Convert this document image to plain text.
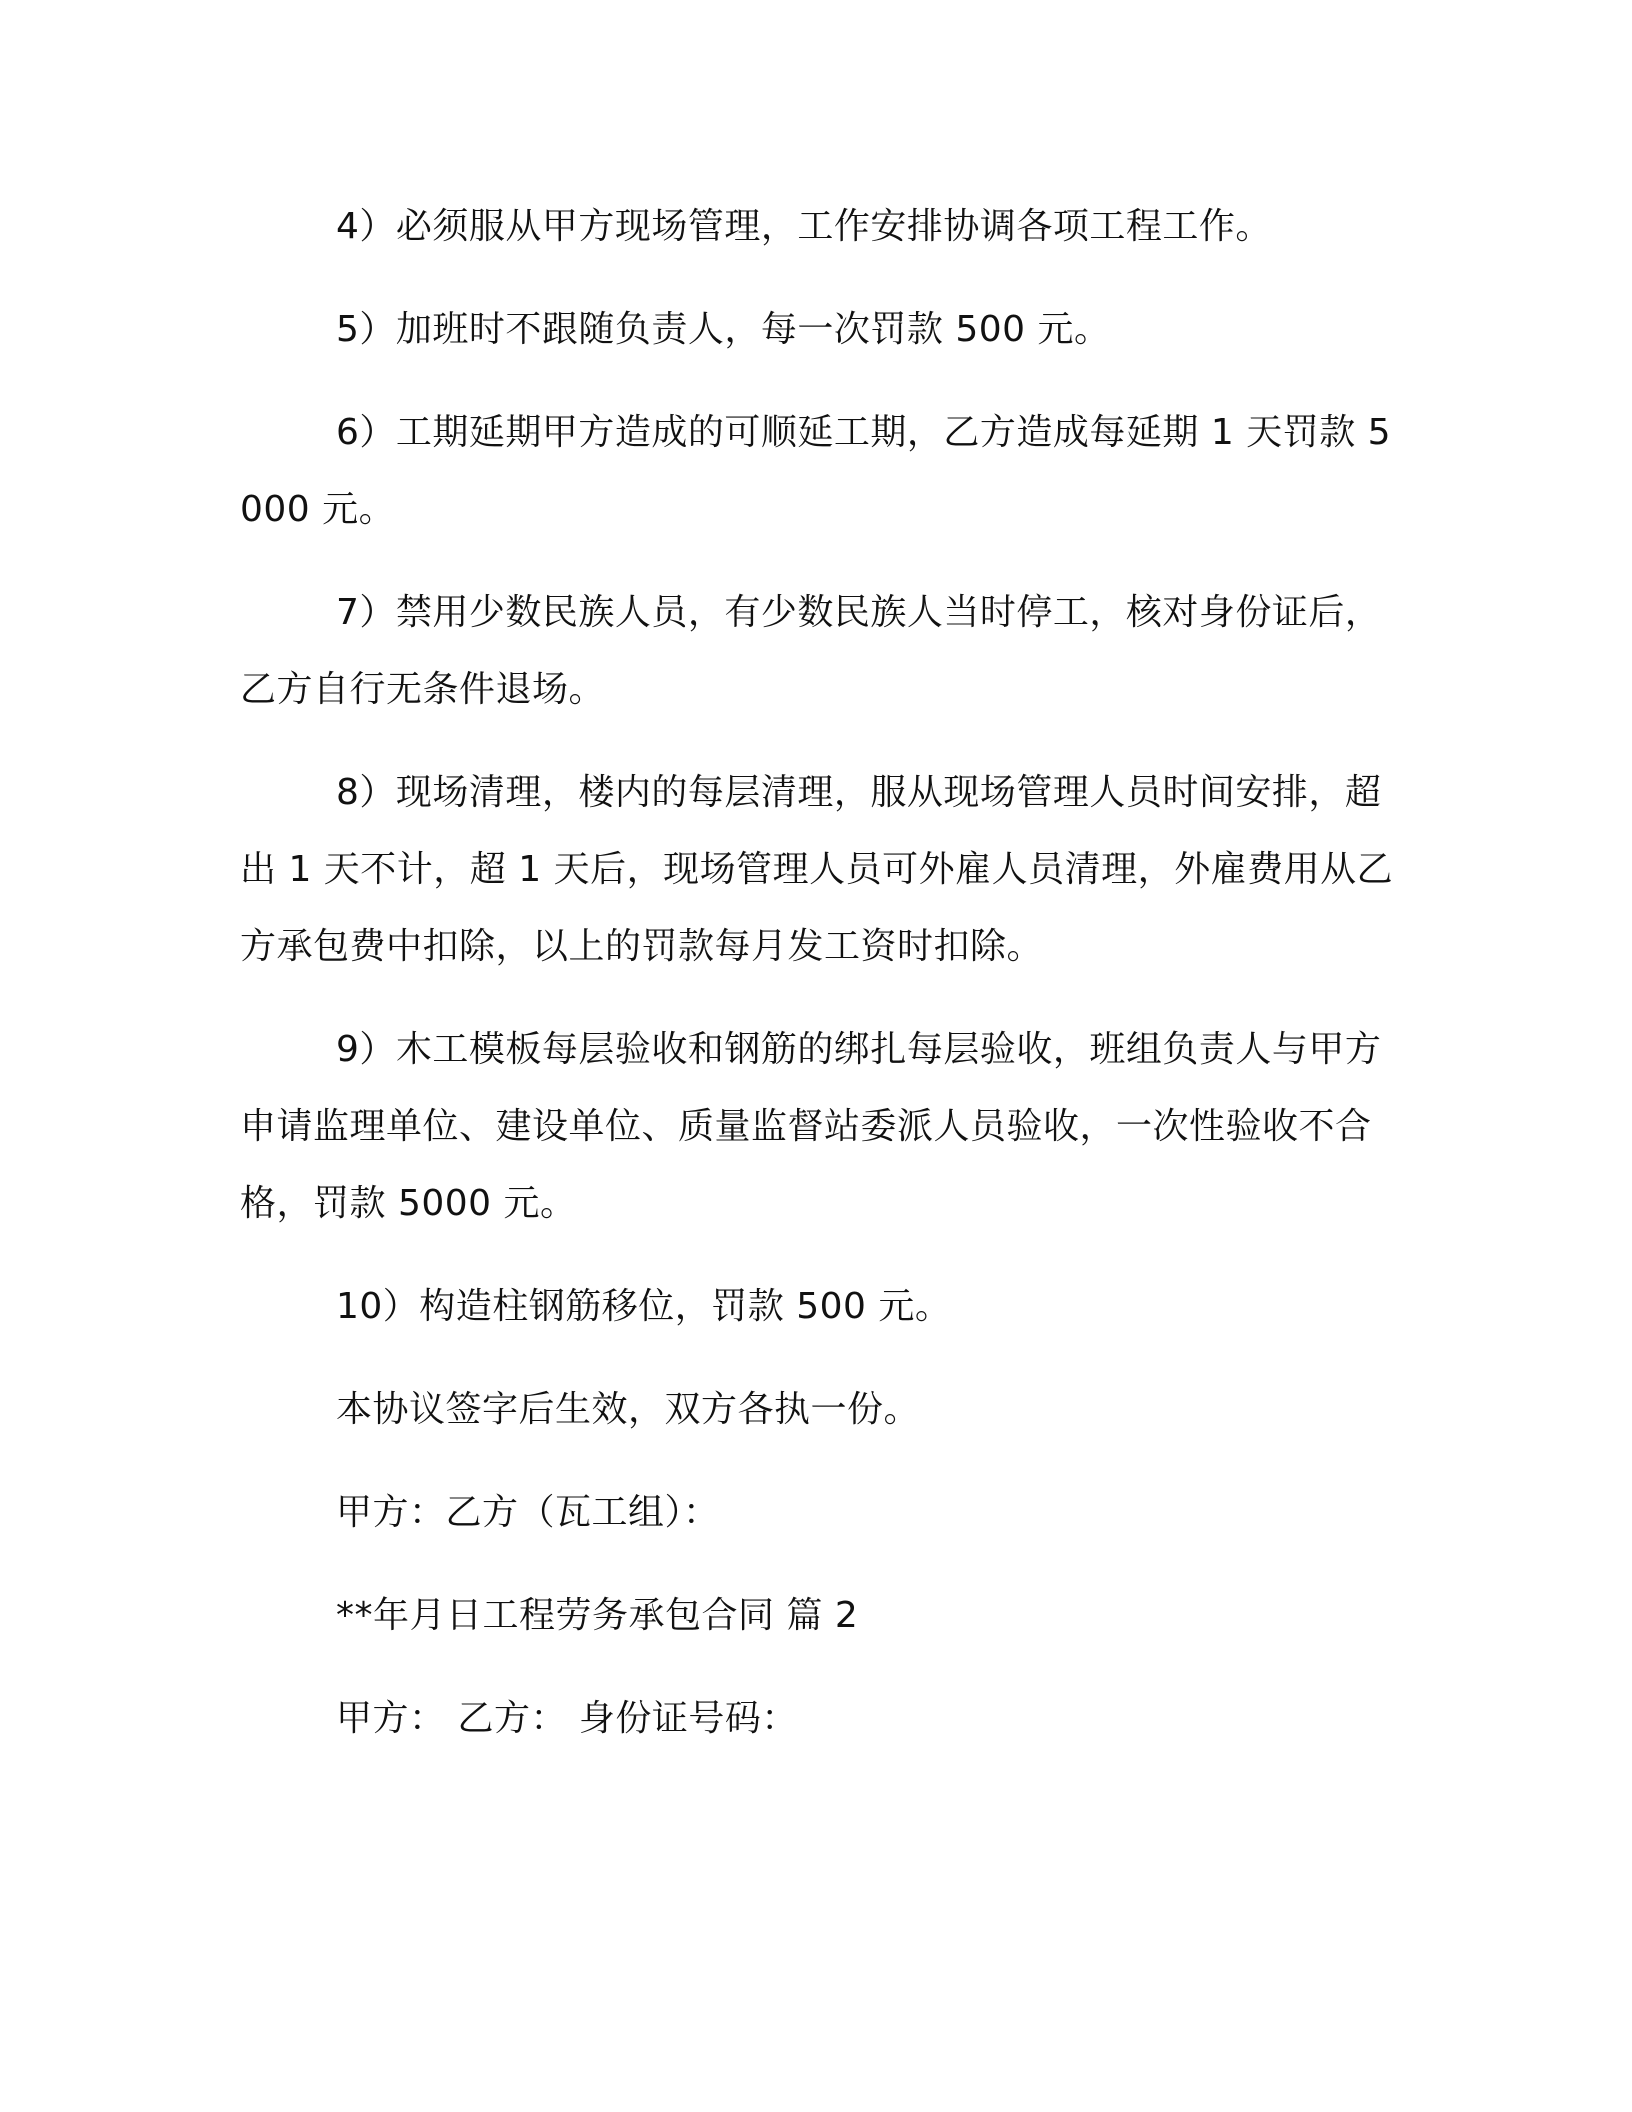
4）必须服从甲方现场管理，工作安排协调各项工程工作。

5）加班时不跟随负责人，每一次罚款 500 元。

6）工期延期甲方造成的可顺延工期，乙方造成每延期 1 天罚款 5000 元。

7）禁用少数民族人员，有少数民族人当时停工，核对身份证后，乙方自行无条件退场。

8）现场清理，楼内的每层清理，服从现场管理人员时间安排，超出 1 天不计，超 1 天后，现场管理人员可外雇人员清理，外雇费用从乙方承包费中扣除，以上的罚款每月发工资时扣除。

9）木工模板每层验收和钢筋的绑扎每层验收，班组负责人与甲方申请监理单位、建设单位、质量监督站委派人员验收，一次性验收不合格，罚款 5000 元。

10）构造柱钢筋移位，罚款 500 元。

本协议签字后生效，双方各执一份。

甲方：乙方（瓦工组）：

**年月日工程劳务承包合同 篇 2

甲方： 乙方： 身份证号码：
